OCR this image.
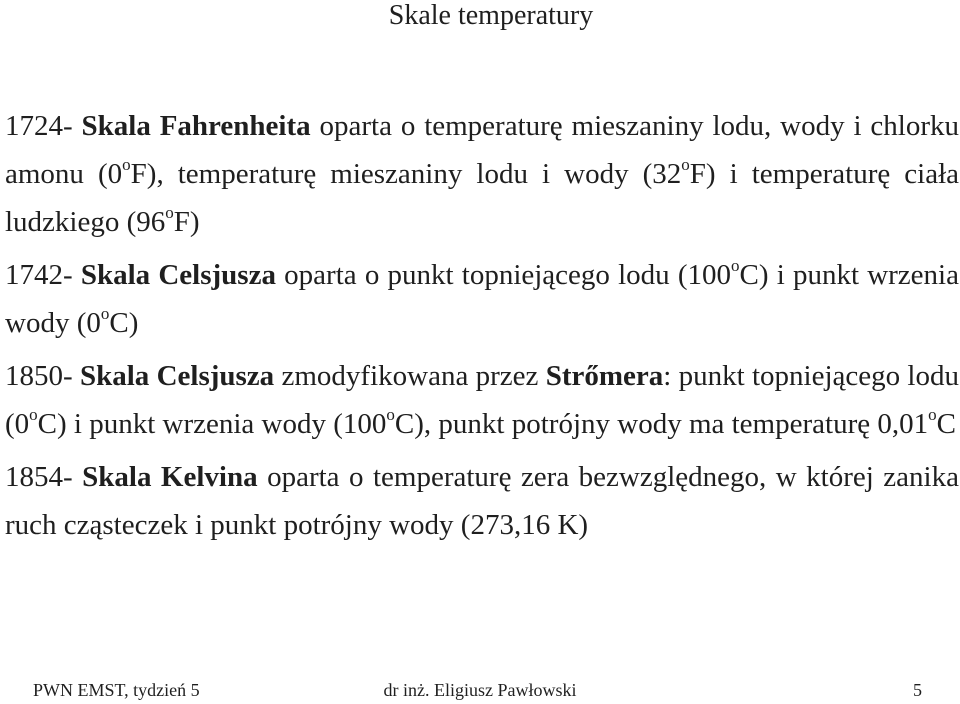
Skale temperatury

1724- Skala Fahrenheita oparta o temperaturę mieszaniny lodu, wody i chlorku amonu (0$^o$F), temperaturę mieszaniny lodu i wody (32$^o$F) i temperaturę ciała ludzkiego (96$^o$F)

1742- Skala Celsjusza oparta o punkt topniejącego lodu (100$^o$C) i punkt wrzenia wody (0$^o$C)

1850- Skala Celsjusza zmodyfikowana przez Strőmera: punkt topniejącego lodu (0$^o$C) i punkt wrzenia wody (100$^o$C), punkt potrójny wody ma temperaturę 0,01$^o$C

1854- Skala Kelvina oparta o temperaturę zera bezwzględnego, w której zanika ruch cząsteczek i punkt potrójny wody (273,16 K)

PWN EMST, tydzień 5	dr inż. Eligiusz Pawłowski	5
